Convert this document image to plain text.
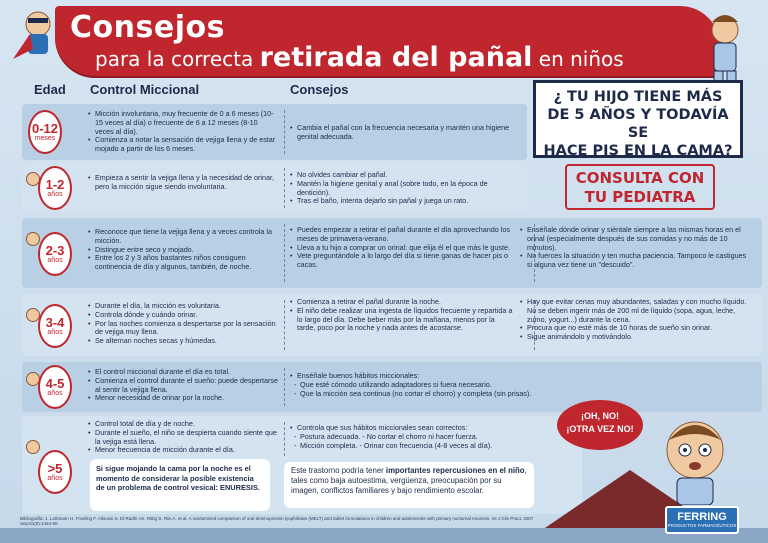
Consejos
para la correcta retirada del pañal en niños
Edad Control Miccional	Consejos	¿ TU HIJO TIENE MÁS
DE 5 AÑOS Y TODAVÍA SE
HACE PIS EN LA CAMA?
CONSULTA CON
TU PEDIATRA
0-12
meses
• Micción involuntaria, muy frecuente de 0 a 6 meses (10-15 veces al día) o frecuente de 6 a 12 meses (8-10 veces al día).
• Comienza a notar la sensación de vejiga llena y de estar mojado a partir de los 6 meses.
• Cambia el pañal con la frecuencia necesaria y mantén una higiene genital adecuada.
1-2
años
• Empieza a sentir la vejiga llena y la necesidad de orinar, pero la micción sigue siendo involuntaria.
• No olvides cambiar el pañal.
• Mantén la higiene genital y anal (sobre todo, en la época de dentición).
• Tras el baño, intenta dejarlo sin pañal y juega un rato.
2-3
años
• Reconoce que tiene la vejiga llena y a veces controla la micción.
• Distingue entre seco y mojado.
• Entre los 2 y 3 años bastantes niños consiguen continencia de día y algunos, también, de noche.
• Puedes empezar a retirar el pañal durante el día aprovechando los meses de primavera-verano.
• Lleva a tu hijo a comprar un orinal: que elija él el que más le guste.
• Vete preguntándole a lo largo del día si tiene ganas de hacer pis o cacas.
• Enséñale dónde orinar y siéntale siempre a las mismas horas en el orinal (especialmente después de sus comidas y no más de 10 minutos).
• No fuerces la situación y ten mucha paciencia. Tampoco le castigues si alguna vez tiene un "descuido".
3-4
años
• Durante el día, la micción es voluntaria.
• Controla dónde y cuándo orinar.
• Por las noches comienza a despertarse por la sensación de vejiga muy llena.
• Se alternan noches secas y húmedas.
• Comienza a retirar el pañal durante la noche.
• El niño debe realizar una ingesta de líquidos frecuente y repartida a lo largo del día. Debe beber más por la mañana, menos por la tarde, poco por la noche y nada antes de acostarse.
• Hay que evitar cenas muy abundantes, saladas y con mucho líquido. No se deben ingerir más de 200 ml de líquido (sopa, agua, leche, zumo, yogurt...) durante la cena.
• Procura que no esté más de 10 horas de sueño sin orinar.
• Sigue animándolo y motivándolo.
4-5
años
• El control miccional durante el día es total.
• Comienza el control durante el sueño: puede despertarse al sentir la vejiga llena.
• Menor necesidad de orinar por la noche.
• Enséñale buenos hábitos miccionales:
- Que esté cómodo utilizando adaptadores si fuera necesario.
- Que la micción sea continua (no cortar el chorro) y completa (sin prisas).
>5
años
• Control total de día y de noche.
• Durante el sueño, el niño se despierta cuando siente que la vejiga está llena.
• Menor frecuencia de micción durante el día.
• Controla que sus hábitos miccionales sean correctos:
- Postura adecuada. - No cortar el chorro ni hacer fuerza.
- Micción completa. - Orinar con frecuencia (4-8 veces al día).
Si sigue mojando la cama por la noche es el momento de considerar la posible existencia de un problema de control vesical: ENURESIS.
Este trastorno podría tener importantes repercusiones en el niño, tales como baja autoestima, vergüenza, preocupación por su imagen, conflictos familiares y bajo rendimiento escolar.
¡OH, NO!
¡OTRA VEZ NO!
Bibliografía: 1. Lottmann H, Froeling F, Alloussi S, El-Radhi AS, Rittig S, Riis A, et al. A randomised comparison of oral desmopressin lyophilisate (MELT) and tablet formulations in children and adolescents with primary nocturnal enuresis. Int J Clin Pract. 2007 Sep;61(9):1454-60.
FERRING
PRODUCTOS FARMACÉUTICOS
